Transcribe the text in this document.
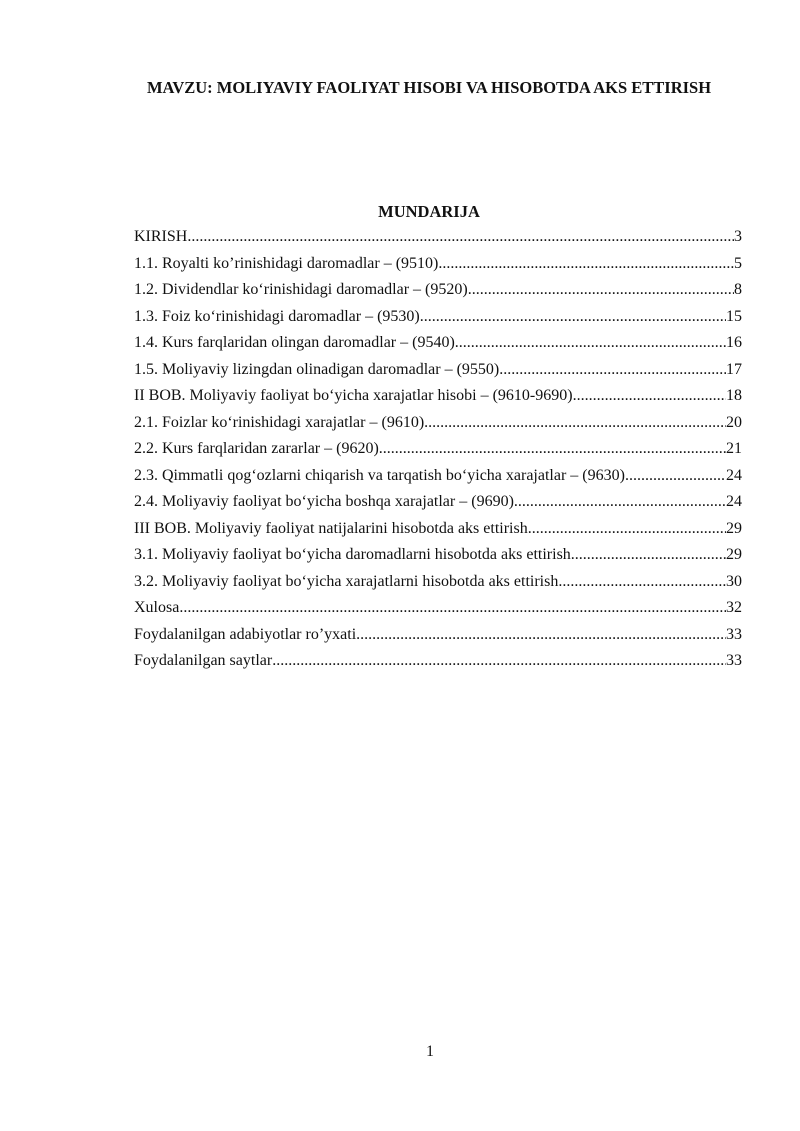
MAVZU: MOLIYAVIY FAOLIYAT HISOBI VA HISOBOTDA AKS ETTIRISH
MUNDARIJA
KIRISH .....	3
1.1. Royalti ko’rinishidagi daromadlar – (9510) .....	5
1.2. Dividendlar ko‘rinishidagi daromadlar – (9520) .....	8
1.3. Foiz ko‘rinishidagi daromadlar – (9530) .....	15
1.4. Kurs farqlaridan olingan daromadlar – (9540) .....	16
1.5. Moliyaviy lizingdan olinadigan daromadlar – (9550) .....	17
II BOB. Moliyaviy faoliyat bo‘yicha xarajatlar hisobi – (9610-9690) .....	18
2.1. Foizlar ko‘rinishidagi xarajatlar – (9610) .....	20
2.2. Kurs farqlaridan zararlar – (9620) .....	21
2.3. Qimmatli qog‘ozlarni chiqarish va tarqatish bo‘yicha xarajatlar – (9630). .....	24
2.4. Moliyaviy faoliyat bo‘yicha boshqa xarajatlar – (9690) .....	24
III BOB. Moliyaviy faoliyat natijalarini hisobotda aks ettirish .....	29
3.1. Moliyaviy faoliyat bo‘yicha daromadlarni hisobotda aks ettirish .....	29
3.2. Moliyaviy faoliyat bo‘yicha xarajatlarni hisobotda aks ettirish .....	30
Xulosa .....	32
Foydalanilgan adabiyotlar ro’yxati .....	33
Foydalanilgan saytlar .....	33
1
